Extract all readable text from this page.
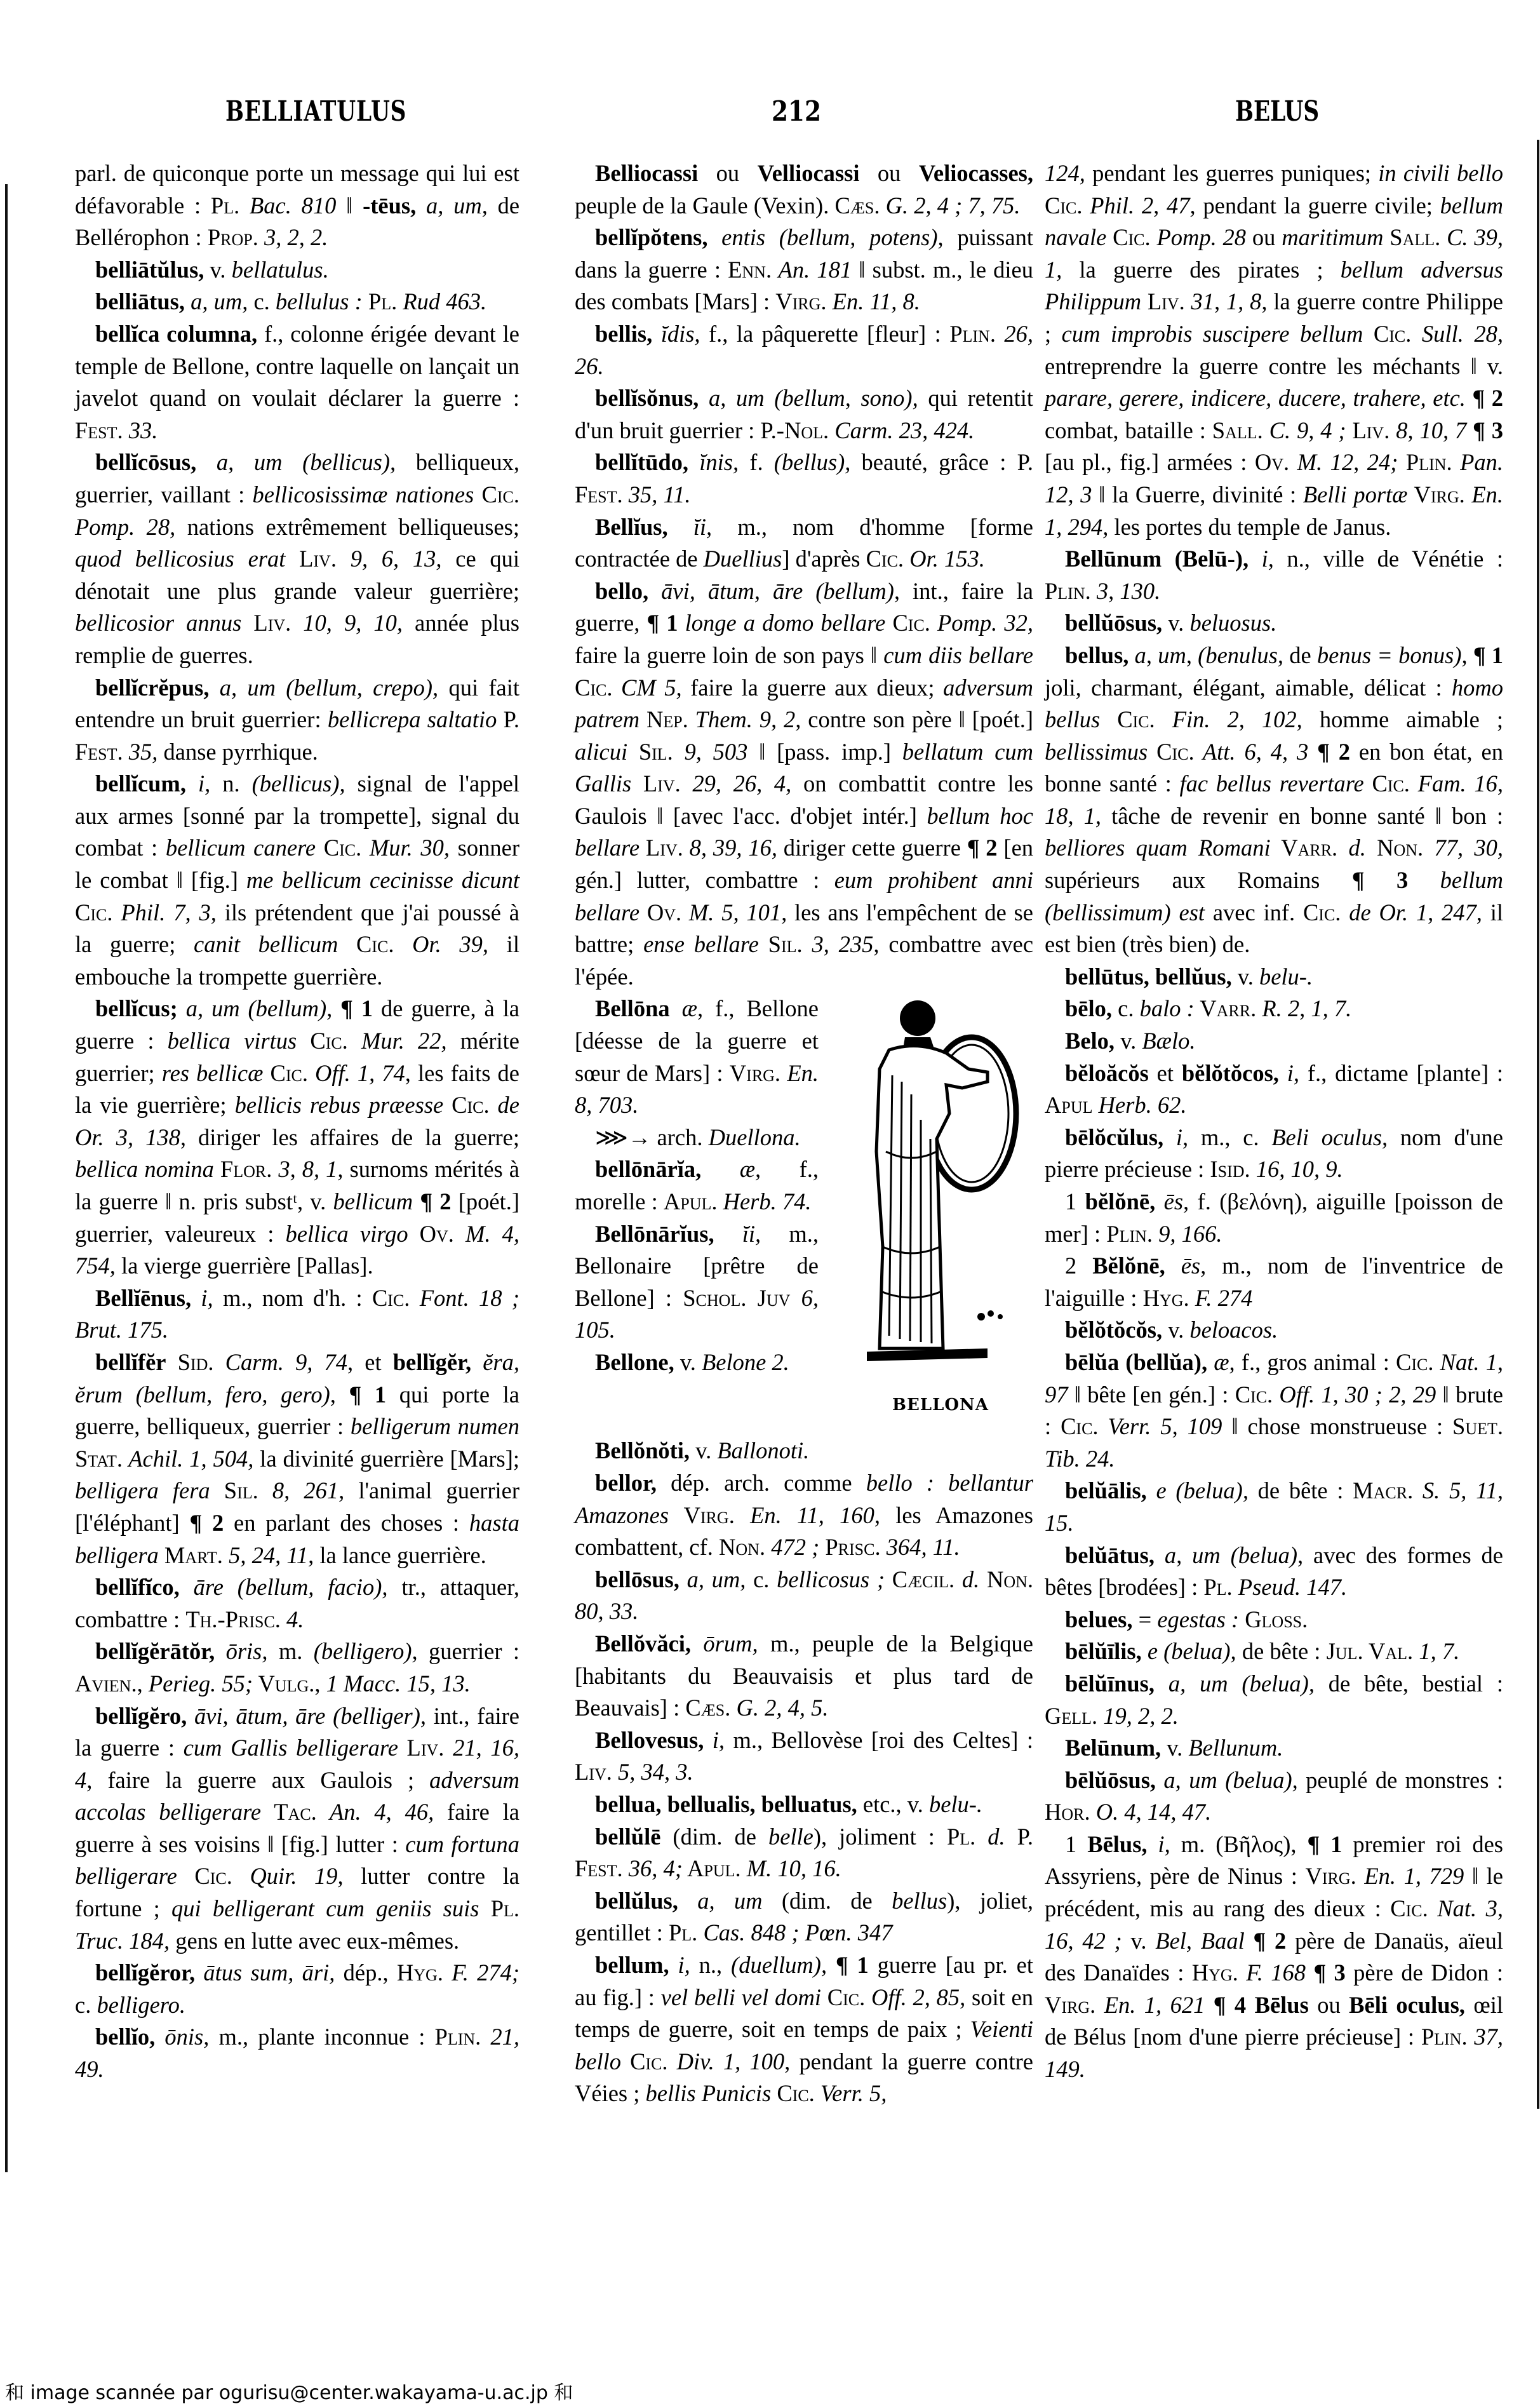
BELLIATULUS	212	BELUS

parl. de quiconque porte un message qui lui est défavorable : Pl. Bac. 810 ‖ -tēus, a, um, de Bellérophon : Prop. 3, 2, 2.

belliātŭlus, v. bellatulus.

belliātus, a, um, c. bellulus : Pl. Rud 463.

bellĭca columna, f., colonne érigée devant le temple de Bellone, contre laquelle on lançait un javelot quand on voulait déclarer la guerre : Fest. 33.

bellĭcōsus, a, um (bellicus), belliqueux, guerrier, vaillant : bellicosissimæ nationes Cic. Pomp. 28, nations extrêmement belliqueuses; quod bellicosius erat Liv. 9, 6, 13, ce qui dénotait une plus grande valeur guerrière; bellicosior annus Liv. 10, 9, 10, année plus remplie de guerres.

bellĭcrĕpus, a, um (bellum, crepo), qui fait entendre un bruit guerrier: bellicrepa saltatio P. Fest. 35, danse pyrrhique.

bellĭcum, i, n. (bellicus), signal de l'appel aux armes [sonné par la trompette], signal du combat : bellicum canere Cic. Mur. 30, sonner le combat ‖ [fig.] me bellicum cecinisse dicunt Cic. Phil. 7, 3, ils prétendent que j'ai poussé à la guerre; canit bellicum Cic. Or. 39, il embouche la trompette guerrière.

bellĭcus; a, um (bellum), ¶ 1 de guerre, à la guerre : bellica virtus Cic. Mur. 22, mérite guerrier; res bellicæ Cic. Off. 1, 74, les faits de la vie guerrière; bellicis rebus præesse Cic. de Or. 3, 138, diriger les affaires de la guerre; bellica nomina Flor. 3, 8, 1, surnoms mérités à la guerre ‖ n. pris substᵗ, v. bellicum ¶ 2 [poét.] guerrier, valeureux : bellica virgo Ov. M. 4, 754, la vierge guerrière [Pallas].

Bellĭēnus, i, m., nom d'h. : Cic. Font. 18 ; Brut. 175.

bellĭfĕr Sid. Carm. 9, 74, et bellĭgĕr, ĕra, ĕrum (bellum, fero, gero), ¶ 1 qui porte la guerre, belliqueux, guerrier : belligerum numen Stat. Achil. 1, 504, la divinité guerrière [Mars]; belligera fera Sil. 8, 261, l'animal guerrier [l'éléphant] ¶ 2 en parlant des choses : hasta belligera Mart. 5, 24, 11, la lance guerrière.

bellĭfĭco, āre (bellum, facio), tr., attaquer, combattre : Th.-Prisc. 4.

bellĭgĕrātŏr, ōris, m. (belligero), guerrier : Avien., Perieg. 55; Vulg., 1 Macc. 15, 13.

bellĭgĕro, āvi, ātum, āre (belliger), int., faire la guerre : cum Gallis belligerare Liv. 21, 16, 4, faire la guerre aux Gaulois ; adversum accolas belligerare Tac. An. 4, 46, faire la guerre à ses voisins ‖ [fig.] lutter : cum fortuna belligerare Cic. Quir. 19, lutter contre la fortune ; qui belligerant cum geniis suis Pl. Truc. 184, gens en lutte avec eux-mêmes.

bellĭgĕror, ātus sum, āri, dép., Hyg. F. 274; c. belligero.

bellĭo, ōnis, m., plante inconnue : Plin. 21, 49.

Belliocassi ou Velliocassi ou Veliocasses, peuple de la Gaule (Vexin). Cæs. G. 2, 4 ; 7, 75.

bellĭpŏtens, entis (bellum, potens), puissant dans la guerre : Enn. An. 181 ‖ subst. m., le dieu des combats [Mars] : Virg. En. 11, 8.

bellis, ĭdis, f., la pâquerette [fleur] : Plin. 26, 26.

bellĭsŏnus, a, um (bellum, sono), qui retentit d'un bruit guerrier : P.-Nol. Carm. 23, 424.

bellĭtūdo, ĭnis, f. (bellus), beauté, grâce : P. Fest. 35, 11.

Bellĭus, ĭi, m., nom d'homme [forme contractée de Duellius] d'après Cic. Or. 153.

bello, āvi, ātum, āre (bellum), int., faire la guerre, ¶ 1 longe a domo bellare Cic. Pomp. 32, faire la guerre loin de son pays ‖ cum diis bellare Cic. CM 5, faire la guerre aux dieux; adversum patrem Nep. Them. 9, 2, contre son père ‖ [poét.] alicui Sil. 9, 503 ‖ [pass. imp.] bellatum cum Gallis Liv. 29, 26, 4, on combattit contre les Gaulois ‖ [avec l'acc. d'objet intér.] bellum hoc bellare Liv. 8, 39, 16, diriger cette guerre ¶ 2 [en gén.] lutter, combattre : eum prohibent anni bellare Ov. M. 5, 101, les ans l'empêchent de se battre; ense bellare Sil. 3, 235, combattre avec l'épée.

BELLONA

Bellōna æ, f., Bellone [déesse de la guerre et sœur de Mars] : Virg. En. 8, 703.

⋙→ arch. Duellona.

bellōnārĭa, æ, f., morelle : Apul. Herb. 74.

Bellōnārĭus, ĭi, m., Bellonaire [prêtre de Bellone] : Schol. Juv 6, 105.

Bellone, v. Belone 2.

Bellŏnŏti, v. Ballonoti.

bellor, dép. arch. comme bello : bellantur Amazones Virg. En. 11, 160, les Amazones combattent, cf. Non. 472 ; Prisc. 364, 11.

bellōsus, a, um, c. bellicosus ; Cæcil. d. Non. 80, 33.

Bellŏvăci, ōrum, m., peuple de la Belgique [habitants du Beauvaisis et plus tard de Beauvais] : Cæs. G. 2, 4, 5.

Bellovesus, i, m., Bellovèse [roi des Celtes] : Liv. 5, 34, 3.

bellua, bellualis, belluatus, etc., v. belu-.

bellŭlē (dim. de belle), joliment : Pl. d. P. Fest. 36, 4; Apul. M. 10, 16.

bellŭlus, a, um (dim. de bellus), joliet, gentillet : Pl. Cas. 848 ; Pœn. 347

bellum, i, n., (duellum), ¶ 1 guerre [au pr. et au fig.] : vel belli vel domi Cic. Off. 2, 85, soit en temps de guerre, soit en temps de paix ; Veienti bello Cic. Div. 1, 100, pendant la guerre contre Véies ; bellis Punicis Cic. Verr. 5,

124, pendant les guerres puniques; in civili bello Cic. Phil. 2, 47, pendant la guerre civile; bellum navale Cic. Pomp. 28 ou maritimum Sall. C. 39, 1, la guerre des pirates ; bellum adversus Philippum Liv. 31, 1, 8, la guerre contre Philippe ; cum improbis suscipere bellum Cic. Sull. 28, entreprendre la guerre contre les méchants ‖ v. parare, gerere, indicere, ducere, trahere, etc. ¶ 2 combat, bataille : Sall. C. 9, 4 ; Liv. 8, 10, 7 ¶ 3 [au pl., fig.] armées : Ov. M. 12, 24; Plin. Pan. 12, 3 ‖ la Guerre, divinité : Belli portæ Virg. En. 1, 294, les portes du temple de Janus.

Bellūnum (Belū-), i, n., ville de Vénétie : Plin. 3, 130.

bellŭōsus, v. beluosus.

bellus, a, um, (benulus, de benus = bonus), ¶ 1 joli, charmant, élégant, aimable, délicat : homo bellus Cic. Fin. 2, 102, homme aimable ; bellissimus Cic. Att. 6, 4, 3 ¶ 2 en bon état, en bonne santé : fac bellus revertare Cic. Fam. 16, 18, 1, tâche de revenir en bonne santé ‖ bon : belliores quam Romani Varr. d. Non. 77, 30, supérieurs aux Romains ¶ 3 bellum (bellissimum) est avec inf. Cic. de Or. 1, 247, il est bien (très bien) de.

bellūtus, bellŭus, v. belu-.

bēlo, c. balo : Varr. R. 2, 1, 7.

Belo, v. Bælo.

bĕloăcŏs et bĕlŏtŏcos, i, f., dictame [plante] : Apul Herb. 62.

bēlŏcŭlus, i, m., c. Beli oculus, nom d'une pierre précieuse : Isid. 16, 10, 9.

1 bĕlŏnē, ēs, f. (βελόνη), aiguille [poisson de mer] : Plin. 9, 166.

2 Bĕlŏnē, ēs, m., nom de l'inventrice de l'aiguille : Hyg. F. 274

bĕlŏtŏcŏs, v. beloacos.

bēlŭa (bellŭa), æ, f., gros animal : Cic. Nat. 1, 97 ‖ bête [en gén.] : Cic. Off. 1, 30 ; 2, 29 ‖ brute : Cic. Verr. 5, 109 ‖ chose monstrueuse : Suet. Tib. 24.

belŭālis, e (belua), de bête : Macr. S. 5, 11, 15.

belŭātus, a, um (belua), avec des formes de bêtes [brodées] : Pl. Pseud. 147.

belues, = egestas : Gloss.

bēlŭīlis, e (belua), de bête : Jul. Val. 1, 7.

bēlŭīnus, a, um (belua), de bête, bestial : Gell. 19, 2, 2.

Belūnum, v. Bellunum.

bēlŭōsus, a, um (belua), peuplé de monstres : Hor. O. 4, 14, 47.

1 Bēlus, i, m. (Βῆλος), ¶ 1 premier roi des Assyriens, père de Ninus : Virg. En. 1, 729 ‖ le précédent, mis au rang des dieux : Cic. Nat. 3, 16, 42 ; v. Bel, Baal ¶ 2 père de Danaüs, aïeul des Danaïdes : Hyg. F. 168 ¶ 3 père de Didon : Virg. En. 1, 621 ¶ 4 Bēlus ou Bēli oculus, œil de Bélus [nom d'une pierre précieuse] : Plin. 37, 149.

和 image scannée par ogurisu@center.wakayama-u.ac.jp 和
